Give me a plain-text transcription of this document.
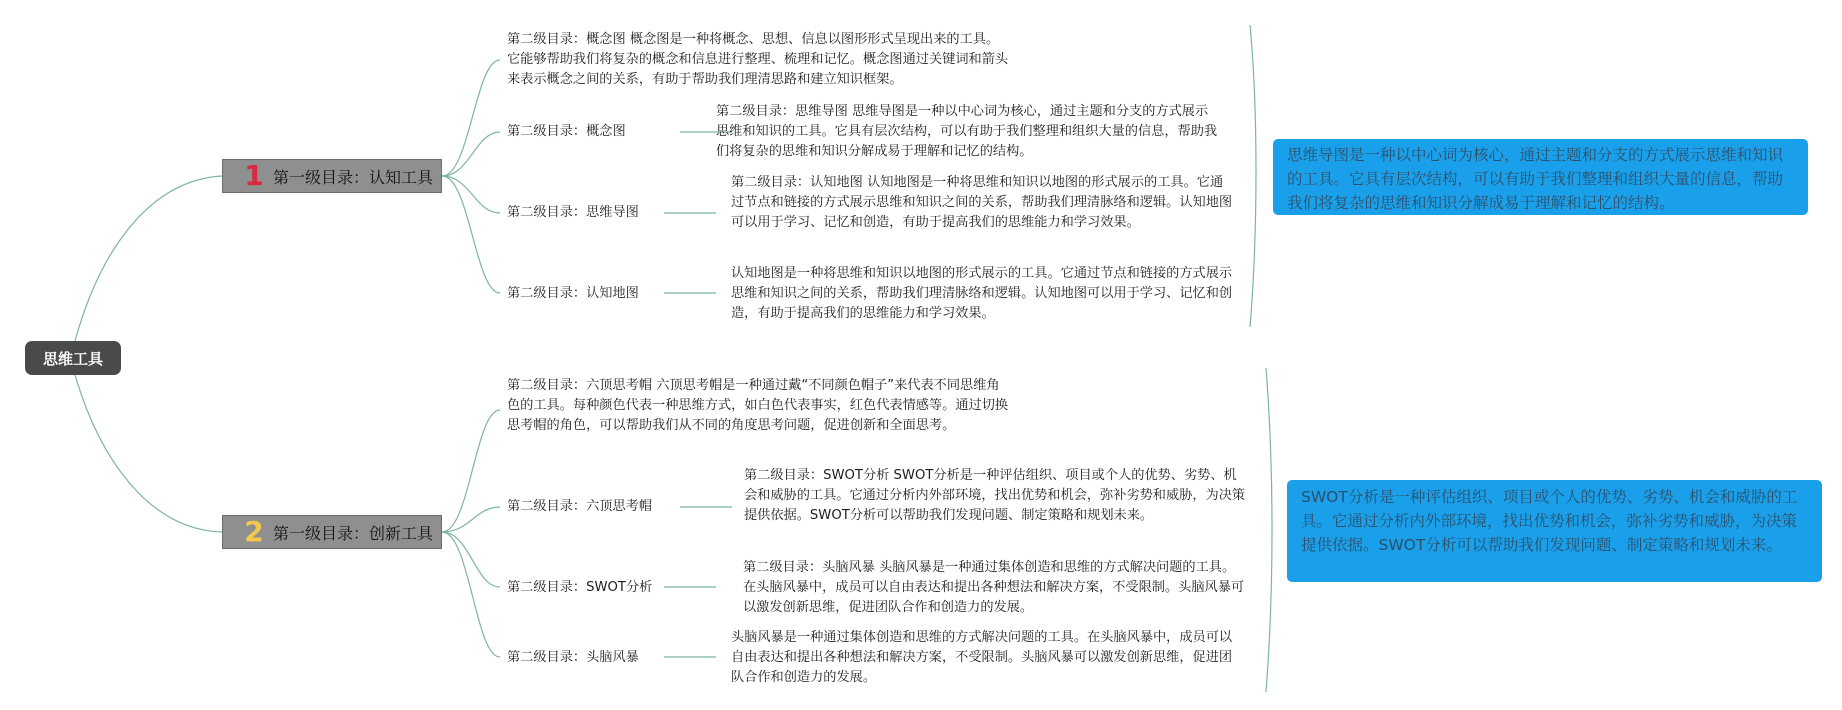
思维工具
1 第一级目录：认知工具
第二级目录：概念图 概念图是一种将概念、思想、信息以图形形式呈现出来的工具。它能够帮助我们将复杂的概念和信息进行整理、梳理和记忆。概念图通过关键词和箭头来表示概念之间的关系，有助于帮助我们理清思路和建立知识框架。
第二级目录：概念图
第二级目录：思维导图 思维导图是一种以中心词为核心，通过主题和分支的方式展示思维和知识的工具。它具有层次结构，可以有助于我们整理和组织大量的信息，帮助我们将复杂的思维和知识分解成易于理解和记忆的结构。
第二级目录：思维导图
第二级目录：认知地图 认知地图是一种将思维和知识以地图的形式展示的工具。它通过节点和链接的方式展示思维和知识之间的关系，帮助我们理清脉络和逻辑。认知地图可以用于学习、记忆和创造，有助于提高我们的思维能力和学习效果。
第二级目录：认知地图
认知地图是一种将思维和知识以地图的形式展示的工具。它通过节点和链接的方式展示思维和知识之间的关系，帮助我们理清脉络和逻辑。认知地图可以用于学习、记忆和创造，有助于提高我们的思维能力和学习效果。
思维导图是一种以中心词为核心，通过主题和分支的方式展示思维和知识的工具。它具有层次结构，可以有助于我们整理和组织大量的信息，帮助我们将复杂的思维和知识分解成易于理解和记忆的结构。
2 第一级目录：创新工具
第二级目录：六顶思考帽 六顶思考帽是一种通过戴“不同颜色帽子”来代表不同思维角色的工具。每种颜色代表一种思维方式，如白色代表事实，红色代表情感等。通过切换思考帽的角色，可以帮助我们从不同的角度思考问题，促进创新和全面思考。
第二级目录：六顶思考帽
第二级目录：SWOT分析 SWOT分析是一种评估组织、项目或个人的优势、劣势、机会和威胁的工具。它通过分析内外部环境，找出优势和机会，弥补劣势和威胁，为决策提供依据。SWOT分析可以帮助我们发现问题、制定策略和规划未来。
第二级目录：SWOT分析
第二级目录：头脑风暴 头脑风暴是一种通过集体创造和思维的方式解决问题的工具。在头脑风暴中，成员可以自由表达和提出各种想法和解决方案，不受限制。头脑风暴可以激发创新思维，促进团队合作和创造力的发展。
第二级目录：头脑风暴
头脑风暴是一种通过集体创造和思维的方式解决问题的工具。在头脑风暴中，成员可以自由表达和提出各种想法和解决方案，不受限制。头脑风暴可以激发创新思维，促进团队合作和创造力的发展。
SWOT分析是一种评估组织、项目或个人的优势、劣势、机会和威胁的工具。它通过分析内外部环境，找出优势和机会，弥补劣势和威胁，为决策提供依据。SWOT分析可以帮助我们发现问题、制定策略和规划未来。
